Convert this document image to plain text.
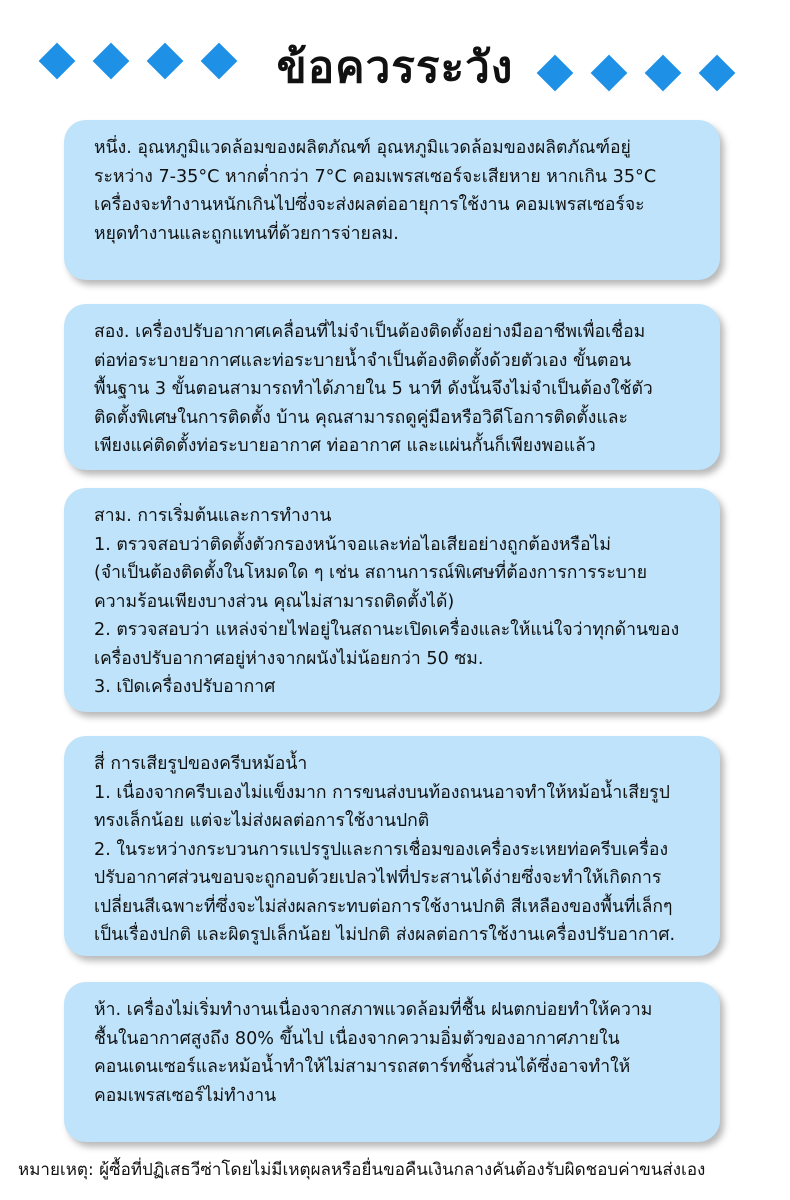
ข้อควรระวัง

หนึ่ง. อุณหภูมิแวดล้อมของผลิตภัณฑ์ อุณหภูมิแวดล้อมของผลิตภัณฑ์อยู่

ระหว่าง 7-35°C หากต่ำกว่า 7°C คอมเพรสเซอร์จะเสียหาย หากเกิน 35°C

เครื่องจะทำงานหนักเกินไปซึ่งจะส่งผลต่ออายุการใช้งาน คอมเพรสเซอร์จะ

หยุดทำงานและถูกแทนที่ด้วยการจ่ายลม.

สอง. เครื่องปรับอากาศเคลื่อนที่ไม่จำเป็นต้องติดตั้งอย่างมืออาชีพเพื่อเชื่อม

ต่อท่อระบายอากาศและท่อระบายน้ำจำเป็นต้องติดตั้งด้วยตัวเอง ขั้นตอน

พื้นฐาน 3 ขั้นตอนสามารถทำได้ภายใน 5 นาที ดังนั้นจึงไม่จำเป็นต้องใช้ตัว

ติดตั้งพิเศษในการติดตั้ง บ้าน คุณสามารถดูคู่มือหรือวิดีโอการติดตั้งและ

เพียงแค่ติดตั้งท่อระบายอากาศ ท่ออากาศ และแผ่นกั้นก็เพียงพอแล้ว

สาม. การเริ่มต้นและการทำงาน

1. ตรวจสอบว่าติดตั้งตัวกรองหน้าจอและท่อไอเสียอย่างถูกต้องหรือไม่

(จำเป็นต้องติดตั้งในโหมดใด ๆ เช่น สถานการณ์พิเศษที่ต้องการการระบาย

ความร้อนเพียงบางส่วน คุณไม่สามารถติดตั้งได้)

2. ตรวจสอบว่า แหล่งจ่ายไฟอยู่ในสถานะเปิดเครื่องและให้แน่ใจว่าทุกด้านของ

เครื่องปรับอากาศอยู่ห่างจากผนังไม่น้อยกว่า 50 ซม.

3. เปิดเครื่องปรับอากาศ

สี่ การเสียรูปของครีบหม้อน้ำ

1. เนื่องจากครีบเองไม่แข็งมาก การขนส่งบนท้องถนนอาจทำให้หม้อน้ำเสียรูป

ทรงเล็กน้อย แต่จะไม่ส่งผลต่อการใช้งานปกติ

2. ในระหว่างกระบวนการแปรรูปและการเชื่อมของเครื่องระเหยท่อครีบเครื่อง

ปรับอากาศส่วนขอบจะถูกอบด้วยเปลวไฟที่ประสานได้ง่ายซึ่งจะทำให้เกิดการ

เปลี่ยนสีเฉพาะที่ซึ่งจะไม่ส่งผลกระทบต่อการใช้งานปกติ สีเหลืองของพื้นที่เล็กๆ

เป็นเรื่องปกติ และผิดรูปเล็กน้อย ไม่ปกติ ส่งผลต่อการใช้งานเครื่องปรับอากาศ.

ห้า. เครื่องไม่เริ่มทำงานเนื่องจากสภาพแวดล้อมที่ชื้น ฝนตกบ่อยทำให้ความ

ชื้นในอากาศสูงถึง 80% ขึ้นไป เนื่องจากความอิ่มตัวของอากาศภายใน

คอนเดนเซอร์และหม้อน้ำทำให้ไม่สามารถสตาร์ทชิ้นส่วนได้ซึ่งอาจทำให้

คอมเพรสเซอร์ไม่ทำงาน

หมายเหตุ: ผู้ซื้อที่ปฏิเสธวีซ่าโดยไม่มีเหตุผลหรือยื่นขอคืนเงินกลางคันต้องรับผิดชอบค่าขนส่งเอง
